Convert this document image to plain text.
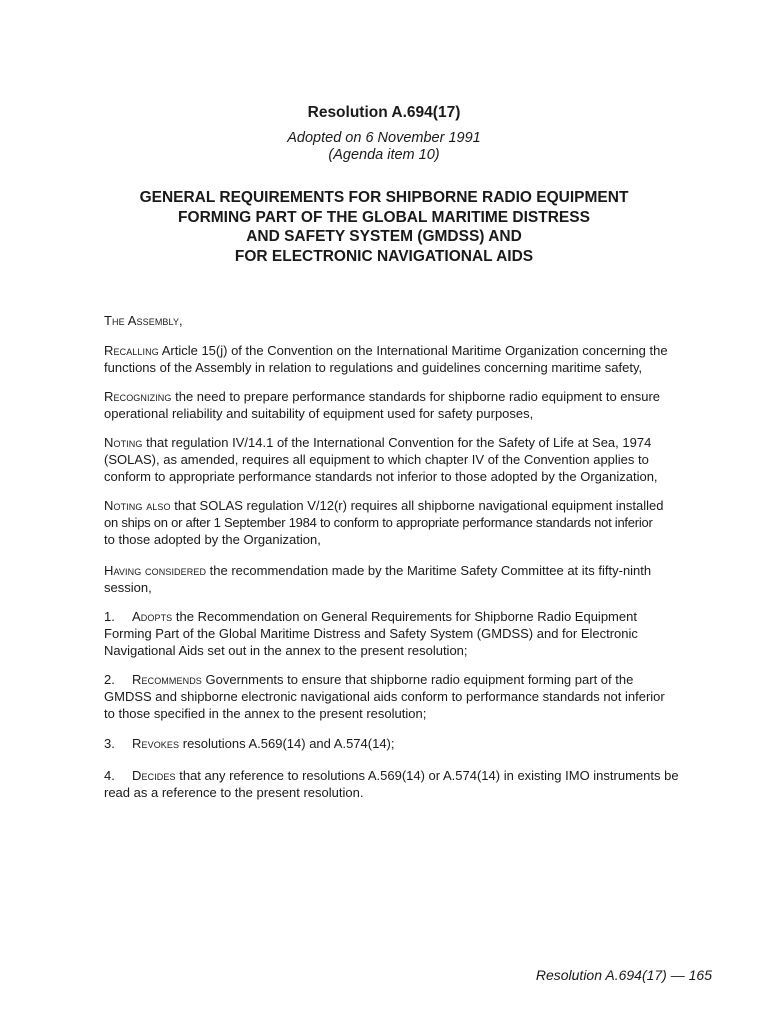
Resolution A.694(17)
Adopted on 6 November 1991
(Agenda item 10)
GENERAL REQUIREMENTS FOR SHIPBORNE RADIO EQUIPMENT
FORMING PART OF THE GLOBAL MARITIME DISTRESS
AND SAFETY SYSTEM (GMDSS) AND
FOR ELECTRONIC NAVIGATIONAL AIDS
The Assembly,
Recalling Article 15(j) of the Convention on the International Maritime Organization concerning the
functions of the Assembly in relation to regulations and guidelines concerning maritime safety,
Recognizing the need to prepare performance standards for shipborne radio equipment to ensure
operational reliability and suitability of equipment used for safety purposes,
Noting that regulation IV/14.1 of the International Convention for the Safety of Life at Sea, 1974
(SOLAS), as amended, requires all equipment to which chapter IV of the Convention applies to
conform to appropriate performance standards not inferior to those adopted by the Organization,
Noting also that SOLAS regulation V/12(r) requires all shipborne navigational equipment installed
on ships on or after 1 September 1984 to conform to appropriate performance standards not inferior
to those adopted by the Organization,
Having considered the recommendation made by the Maritime Safety Committee at its fifty-ninth
session,
1. Adopts the Recommendation on General Requirements for Shipborne Radio Equipment
Forming Part of the Global Maritime Distress and Safety System (GMDSS) and for Electronic
Navigational Aids set out in the annex to the present resolution;
2. Recommends Governments to ensure that shipborne radio equipment forming part of the
GMDSS and shipborne electronic navigational aids conform to performance standards not inferior
to those specified in the annex to the present resolution;
3. Revokes resolutions A.569(14) and A.574(14);
4. Decides that any reference to resolutions A.569(14) or A.574(14) in existing IMO instruments be
read as a reference to the present resolution.
Resolution A.694(17) — 165
